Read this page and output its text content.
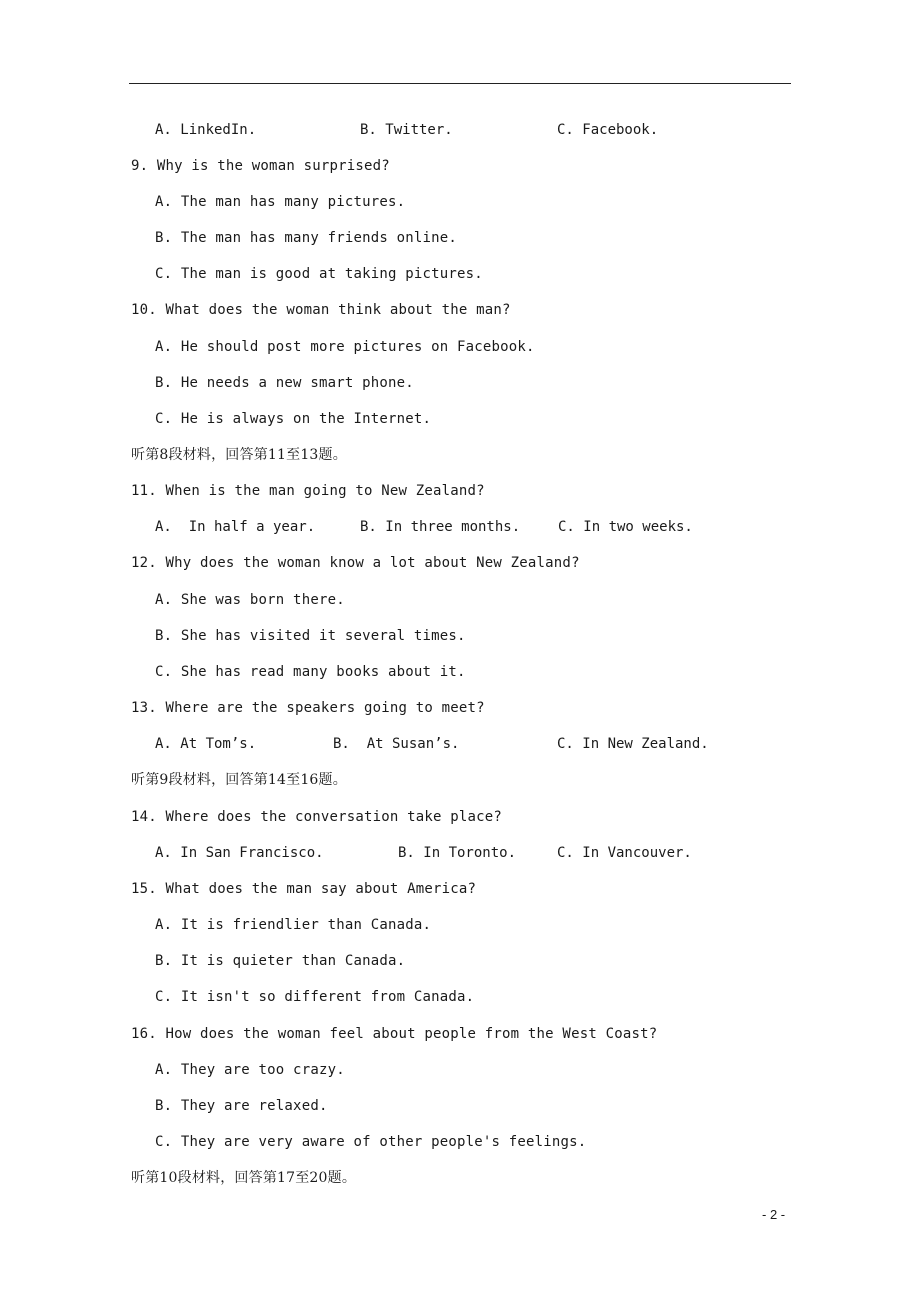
A. LinkedIn.	B. Twitter.	C. Facebook.
9. Why is the woman surprised?
A. The man has many pictures.
B. The man has many friends online.
C. The man is good at taking pictures.
10. What does the woman think about the man?
A. He should post more pictures on Facebook.
B. He needs a new smart phone.
C. He is always on the Internet.
听第8段材料，回答第11至13题。
11. When is the man going to New Zealand?
A.  In half a year.	B. In three months.	C. In two weeks.
12. Why does the woman know a lot about New Zealand?
A. She was born there.
B. She has visited it several times.
C. She has read many books about it.
13. Where are the speakers going to meet?
A. At Tom’s.	B.  At Susan’s.	C. In New Zealand.
听第9段材料，回答第14至16题。
14. Where does the conversation take place?
A. In San Francisco.	B. In Toronto.	C. In Vancouver.
15. What does the man say about America?
A. It is friendlier than Canada.
B. It is quieter than Canada.
C. It isn't so different from Canada.
16. How does the woman feel about people from the West Coast?
A. They are too crazy.
B. They are relaxed.
C. They are very aware of other people's feelings.
听第10段材料，回答第17至20题。
- 2 -
